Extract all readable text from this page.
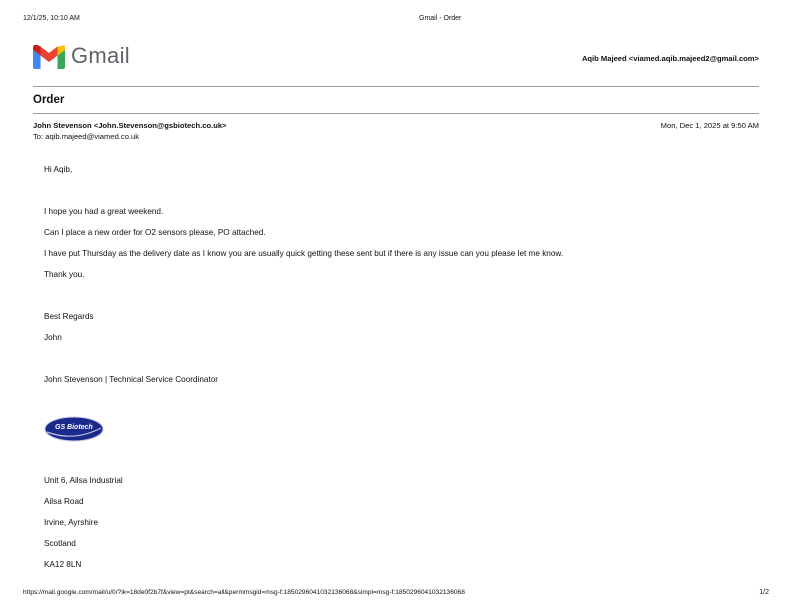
12/1/25, 10:10 AM	Gmail - Order
Gmail	Aqib Majeed <viamed.aqib.majeed2@gmail.com>
Order
John Stevenson <John.Stevenson@gsbiotech.co.uk>
To: aqib.majeed@viamed.co.uk
Mon, Dec 1, 2025 at 9:50 AM
Hi Aqib,
I hope you had a great weekend.
Can I place a new order for O2 sensors please, PO attached.
I have put Thursday as the delivery date as I know you are usually quick getting these sent but if there is any issue can you please let me know.
Thank you.
Best Regards
John
John Stevenson | Technical Service Coordinator
GS Biotech
Unit 6, Ailsa Industrial
Ailsa Road
Irvine, Ayrshire
Scotland
KA12 8LN
https://mail.google.com/mail/u/0/?ik=18de0f2b7f&view=pt&search=all&permmsgid=msg-f:1850296041032136068&simpl=msg-f:1850296041032136068	1/2
